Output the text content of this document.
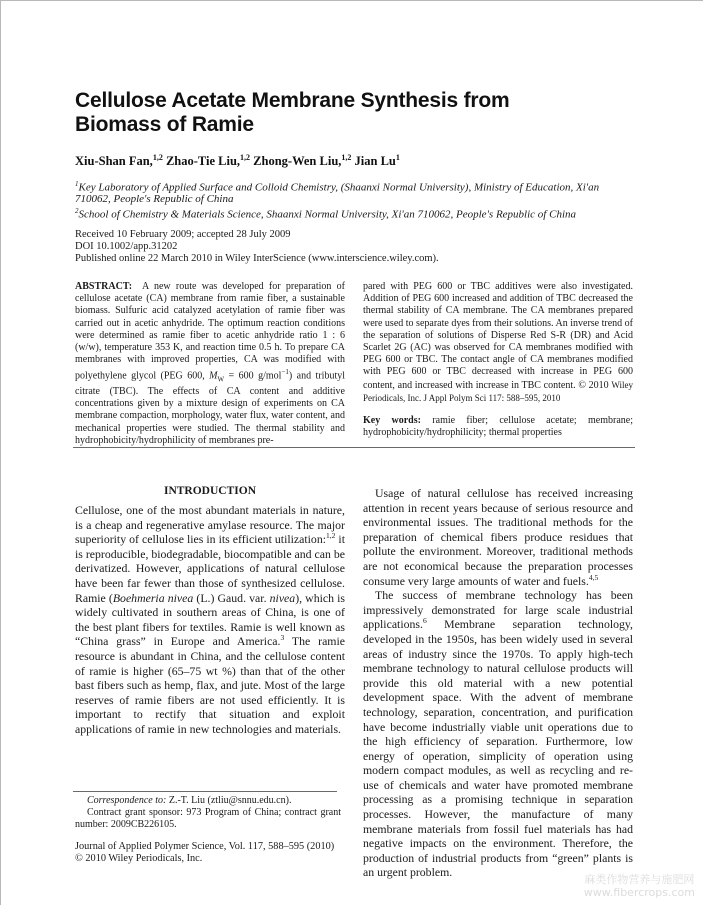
Cellulose Acetate Membrane Synthesis from
Biomass of Ramie
Xiu-Shan Fan,$^{1,2}$ Zhao-Tie Liu,$^{1,2}$ Zhong-Wen Liu,$^{1,2}$ Jian Lu$^1$
$^1$Key Laboratory of Applied Surface and Colloid Chemistry, (Shaanxi Normal University), Ministry of Education, Xi'an 710062, People's Republic of China
$^2$School of Chemistry & Materials Science, Shaanxi Normal University, Xi'an 710062, People's Republic of China
Received 10 February 2009; accepted 28 July 2009
DOI 10.1002/app.31202
Published online 22 March 2010 in Wiley InterScience (www.interscience.wiley.com).
ABSTRACT: A new route was developed for preparation of cellulose acetate (CA) membrane from ramie fiber, a sustainable biomass. Sulfuric acid catalyzed acetylation of ramie fiber was carried out in acetic anhydride. The optimum reaction conditions were determined as ramie fiber to acetic anhydride ratio 1 : 6 (w/w), temperature 353 K, and reaction time 0.5 h. To prepare CA membranes with improved properties, CA was modified with polyethylene glycol (PEG 600, $M_W = 600$ g/mol$^{-1}$) and tributyl citrate (TBC). The effects of CA content and additive concentrations given by a mixture design of experiments on CA membrane compaction, morphology, water flux, water content, and mechanical properties were studied. The thermal stability and hydrophobicity/hydrophilicity of membranes pre-
pared with PEG 600 or TBC additives were also investigated. Addition of PEG 600 increased and addition of TBC decreased the thermal stability of CA membrane. The CA membranes prepared were used to separate dyes from their solutions. An inverse trend of the separation of solutions of Disperse Red S-R (DR) and Acid Scarlet 2G (AC) was observed for CA membranes modified with PEG 600 or TBC. The contact angle of CA membranes modified with PEG 600 or TBC decreased with increase in PEG 600 content, and increased with increase in TBC content. © 2010 Wiley Periodicals, Inc. J Appl Polym Sci 117: 588–595, 2010
Key words: ramie fiber; cellulose acetate; membrane; hydrophobicity/hydrophilicity; thermal properties
INTRODUCTION
Cellulose, one of the most abundant materials in nature, is a cheap and regenerative amylase resource. The major superiority of cellulose lies in its efficient utilization:$^{1,2}$ it is reproducible, biodegradable, biocompatible and can be derivatized. However, applications of natural cellulose have been far fewer than those of synthesized cellulose. Ramie (Boehmeria nivea (L.) Gaud. var. nivea), which is widely cultivated in southern areas of China, is one of the best plant fibers for textiles. Ramie is well known as “China grass” in Europe and America.$^3$ The ramie resource is abundant in China, and the cellulose content of ramie is higher (65–75 wt %) than that of the other bast fibers such as hemp, flax, and jute. Most of the large reserves of ramie fibers are not used efficiently. It is important to rectify that situation and exploit applications of ramie in new technologies and materials.

Usage of natural cellulose has received increasing attention in recent years because of serious resource and environmental issues. The traditional methods for the preparation of chemical fibers produce residues that pollute the environment. Moreover, traditional methods are not economical because the preparation processes consume very large amounts of water and fuels.$^{4,5}$

The success of membrane technology has been impressively demonstrated for large scale industrial applications.$^6$ Membrane separation technology, developed in the 1950s, has been widely used in several areas of industry since the 1970s. To apply high-tech membrane technology to natural cellulose products will provide this old material with a new potential development space. With the advent of membrane technology, separation, concentration, and purification have become industrially viable unit operations due to the high efficiency of separation. Furthermore, low energy of operation, simplicity of operation using modern compact modules, as well as recycling and re-use of chemicals and water have promoted membrane processing as a promising technique in separation processes. However, the manufacture of many membrane materials from fossil fuel materials has had negative impacts on the environment. Therefore, the production of industrial products from “green” plants is an urgent problem.

Correspondence to: Z.-T. Liu (ztliu@snnu.edu.cn).

Contract grant sponsor: 973 Program of China; contract grant number: 2009CB226105.

Journal of Applied Polymer Science, Vol. 117, 588–595 (2010)
© 2010 Wiley Periodicals, Inc.
麻类作物营养与施肥网
www.fibercrops.com
